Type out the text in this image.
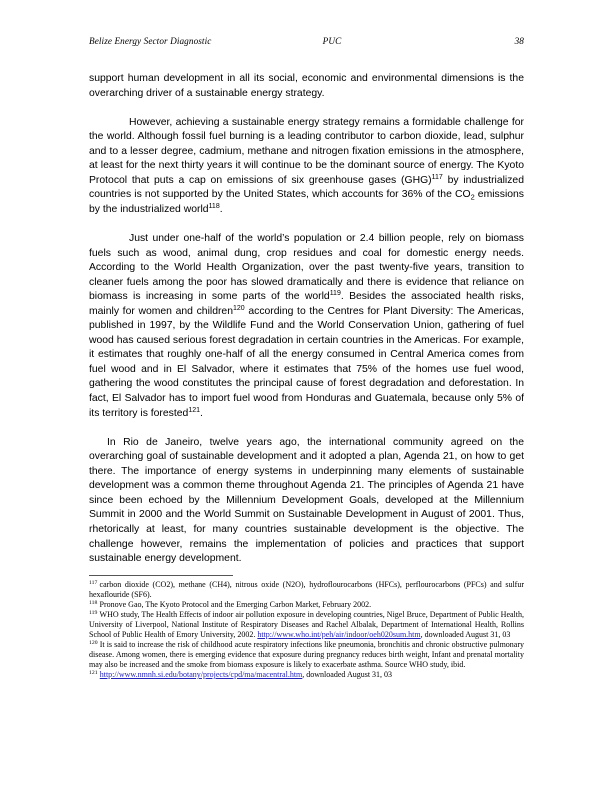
Belize Energy Sector Diagnostic	PUC	38

support human development in all its social, economic and environmental dimensions is the overarching driver of a sustainable energy strategy.

However, achieving a sustainable energy strategy remains a formidable challenge for the world. Although fossil fuel burning is a leading contributor to carbon dioxide, lead, sulphur and to a lesser degree, cadmium, methane and nitrogen fixation emissions in the atmosphere, at least for the next thirty years it will continue to be the dominant source of energy. The Kyoto Protocol that puts a cap on emissions of six greenhouse gases (GHG)$^{117}$ by industrialized countries is not supported by the United States, which accounts for 36% of the $CO_2$ emissions by the industrialized world$^{118}$.

Just under one-half of the world’s population or 2.4 billion people, rely on biomass fuels such as wood, animal dung, crop residues and coal for domestic energy needs. According to the World Health Organization, over the past twenty-five years, transition to cleaner fuels among the poor has slowed dramatically and there is evidence that reliance on biomass is increasing in some parts of the world$^{119}$. Besides the associated health risks, mainly for women and children$^{120}$ according to the Centres for Plant Diversity: The Americas, published in 1997, by the Wildlife Fund and the World Conservation Union, gathering of fuel wood has caused serious forest degradation in certain countries in the Americas. For example, it estimates that roughly one-half of all the energy consumed in Central America comes from fuel wood and in El Salvador, where it estimates that 75% of the homes use fuel wood, gathering the wood constitutes the principal cause of forest degradation and deforestation. In fact, El Salvador has to import fuel wood from Honduras and Guatemala, because only 5% of its territory is forested$^{121}$.

In Rio de Janeiro, twelve years ago, the international community agreed on the overarching goal of sustainable development and it adopted a plan, Agenda 21, on how to get there. The importance of energy systems in underpinning many elements of sustainable development was a common theme throughout Agenda 21. The principles of Agenda 21 have since been echoed by the Millennium Development Goals, developed at the Millennium Summit in 2000 and the World Summit on Sustainable Development in August of 2001. Thus, rhetorically at least, for many countries sustainable development is the objective. The challenge however, remains the implementation of policies and practices that support sustainable energy development.

$^{117}$ carbon dioxide (CO2), methane (CH4), nitrous oxide (N2O), hydroflourocarbons (HFCs), perflourocarbons (PFCs) and sulfur hexaflouride (SF6).

$^{118}$ Pronove Gao, The Kyoto Protocol and the Emerging Carbon Market, February 2002.

$^{119}$ WHO study, The Health Effects of indoor air pollution exposure in developing countries, Nigel Bruce, Department of Public Health, University of Liverpool, National Institute of Respiratory Diseases and Rachel Albalak, Department of International Health, Rollins School of Public Health of Emory University, 2002. http://www.who.int/peh/air/indoor/oeh020sum.htm, downloaded August 31, 03

$^{120}$ It is said to increase the risk of childhood acute respiratory infections like pneumonia, bronchitis and chronic obstructive pulmonary disease. Among women, there is emerging evidence that exposure during pregnancy reduces birth weight, Infant and prenatal mortality may also be increased and the smoke from biomass exposure is likely to exacerbate asthma. Source WHO study, ibid.

$^{121}$ http://www.nmnh.si.edu/botany/projects/cpd/ma/macentral.htm, downloaded August 31, 03
